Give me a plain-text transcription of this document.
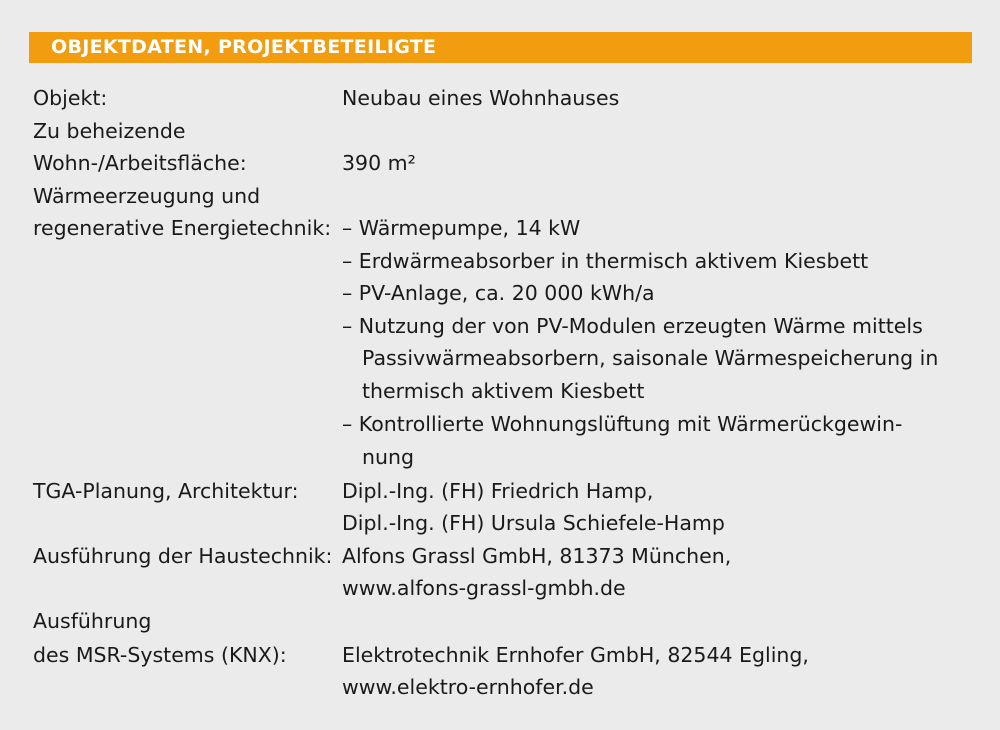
OBJEKTDATEN, PROJEKTBETEILIGTE
Objekt:	Neubau eines Wohnhauses
Zu beheizende
Wohn-/Arbeitsfläche:	390 m²
Wärmeerzeugung und
regenerative Energietechnik: – Wärmepumpe, 14 kW
– Erdwärmeabsorber in thermisch aktivem Kiesbett
– PV-Anlage, ca. 20 000 kWh/a
– Nutzung der von PV-Modulen erzeugten Wärme mittels
Passivwärmeabsorbern, saisonale Wärmespeicherung in
thermisch aktivem Kiesbett
– Kontrollierte Wohnungslüftung mit Wärmerückgewin-
nung
TGA-Planung, Architektur: Dipl.-Ing. (FH) Friedrich Hamp,
Dipl.-Ing. (FH) Ursula Schiefele-Hamp
Ausführung der Haustechnik: Alfons Grassl GmbH, 81373 München,
www.alfons-grassl-gmbh.de
Ausführung
des MSR-Systems (KNX):	Elektrotechnik Ernhofer GmbH, 82544 Egling,
www.elektro-ernhofer.de
